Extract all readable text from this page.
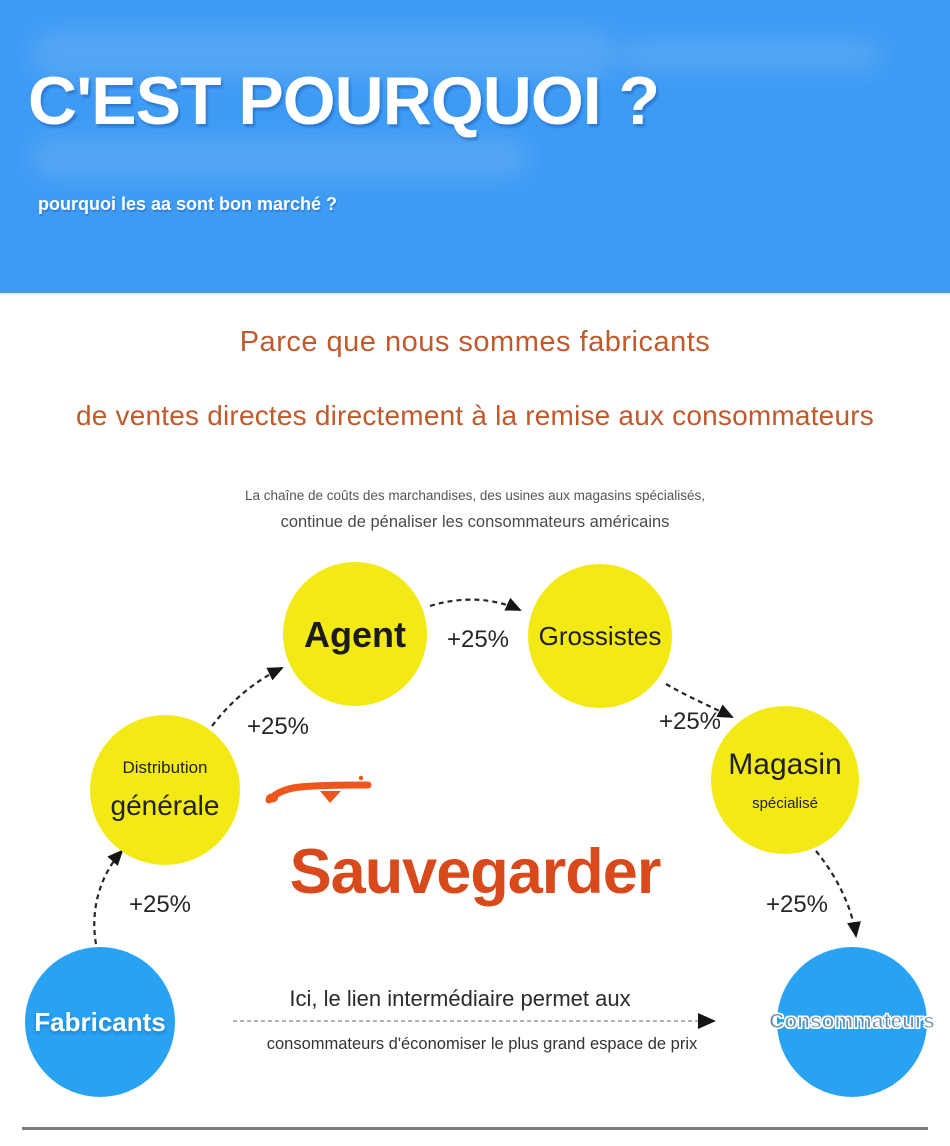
C'EST POURQUOI ?
pourquoi les aa sont bon marché ?
Parce que nous sommes fabricants
de ventes directes directement à la remise aux consommateurs
La chaîne de coûts des marchandises, des usines aux magasins spécialisés,
continue de pénaliser les consommateurs américains
Fabricants
Distribution
générale
Agent	Grossistes
Magasin
spécialisé
Consommateurs
+25%
+25%
+25%
+25%
+25%
Sauvegarder
Ici, le lien intermédiaire permet aux
consommateurs d'économiser le plus grand espace de prix
